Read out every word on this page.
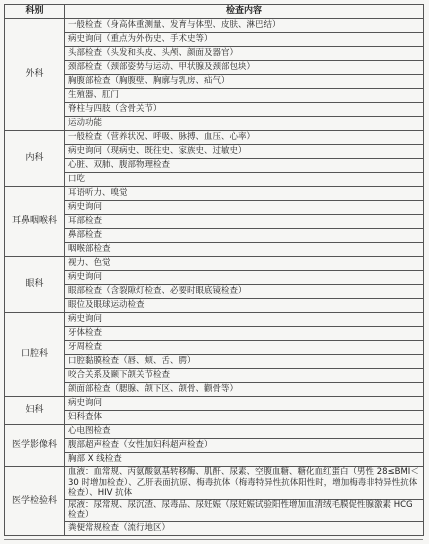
科别	检查内容
外科	一般检查（身高体重测量、发育与体型、皮肤、淋巴结）
	病史询问（重点为外伤史、手术史等）
	头部检查（头发和头皮、头颅、颜面及器官）
	颈部检查（颈部姿势与运动、甲状腺及颈部包块）
	胸腹部检查（胸腹壁、胸廓与乳房、疝气）
	生殖器、肛门
	脊柱与四肢（含骨关节）
	运动功能
内科	一般检查（营养状况、呼吸、脉搏、血压、心率）
	病史询问（现病史、既往史、家族史、过敏史）
	心脏、双肺、腹部物理检查
	口吃
耳鼻咽喉科	耳语听力、嗅觉
	病史询问
	耳部检查
	鼻部检查
	咽喉部检查
眼科	视力、色觉
	病史询问
	眼部检查（含裂隙灯检查、必要时眼底镜检查）
	眼位及眼球运动检查
口腔科	病史询问
	牙体检查
	牙周检查
	口腔黏膜检查（唇、颊、舌、腭）
	咬合关系及颞下颌关节检查
	颌面部检查（腮腺、颌下区、颌骨、颧骨等）
妇科	病史询问
	妇科查体
医学影像科	心电图检查
	腹部超声检查（女性加妇科超声检查）
	胸部 X 线检查
医学检验科	血液：血常规、丙氨酸氨基转移酶、肌酐、尿素、空腹血糖、糖化血红蛋白（男性 28≤BMI＜30 时增加检查）、乙肝表面抗原、梅毒抗体（梅毒特异性抗体阳性时，增加梅毒非特异性抗体检查）、HIV 抗体
	尿液：尿常规、尿沉渣、尿毒品、尿妊娠（尿妊娠试验阳性增加血清绒毛膜促性腺激素 HCG 检查）
	粪便常规检查（流行地区）
